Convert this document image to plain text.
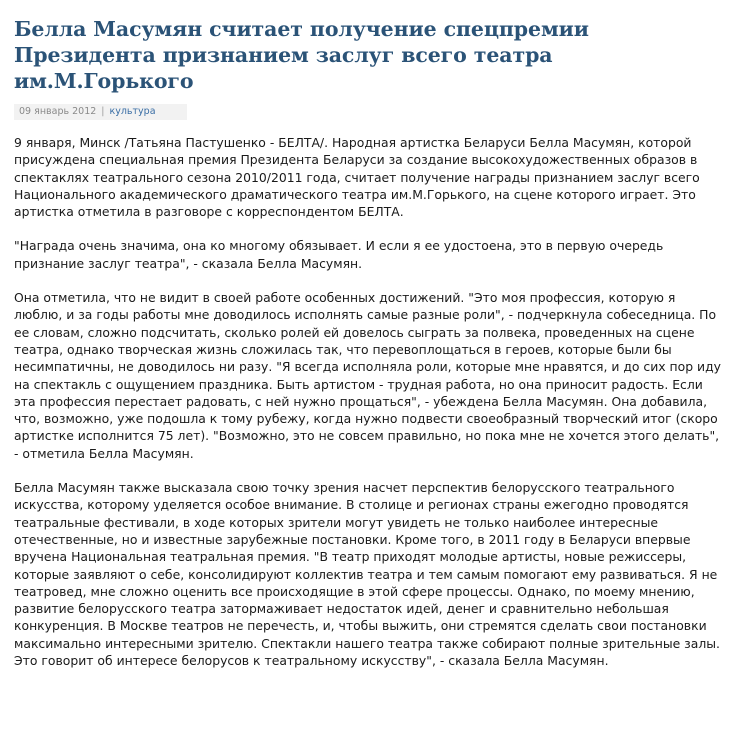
Белла Масумян считает получение спецпремии Президента признанием заслуг всего театра им.М.Горького
09 январь 2012 | культура

9 января, Минск /Татьяна Пастушенко - БЕЛТА/. Народная артистка Беларуси Белла Масумян, которой присуждена специальная премия Президента Беларуси за создание высокохудожественных образов в спектаклях театрального сезона 2010/2011 года, считает получение награды признанием заслуг всего Национального академического драматического театра им.М.Горького, на сцене которого играет. Это артистка отметила в разговоре с корреспондентом БЕЛТА.

"Награда очень значима, она ко многому обязывает. И если я ее удостоена, это в первую очередь признание заслуг театра", - сказала Белла Масумян.

Она отметила, что не видит в своей работе особенных достижений. "Это моя профессия, которую я люблю, и за годы работы мне доводилось исполнять самые разные роли", - подчеркнула собеседница. По ее словам, сложно подсчитать, сколько ролей ей довелось сыграть за полвека, проведенных на сцене театра, однако творческая жизнь сложилась так, что перевоплощаться в героев, которые были бы несимпатичны, не доводилось ни разу. "Я всегда исполняла роли, которые мне нравятся, и до сих пор иду на спектакль с ощущением праздника. Быть артистом - трудная работа, но она приносит радость. Если эта профессия перестает радовать, с ней нужно прощаться", - убеждена Белла Масумян. Она добавила, что, возможно, уже подошла к тому рубежу, когда нужно подвести своеобразный творческий итог (скоро артистке исполнится 75 лет). "Возможно, это не совсем правильно, но пока мне не хочется этого делать", - отметила Белла Масумян.

Белла Масумян также высказала свою точку зрения насчет перспектив белорусского театрального искусства, которому уделяется особое внимание. В столице и регионах страны ежегодно проводятся театральные фестивали, в ходе которых зрители могут увидеть не только наиболее интересные отечественные, но и известные зарубежные постановки. Кроме того, в 2011 году в Беларуси впервые вручена Национальная театральная премия. "В театр приходят молодые артисты, новые режиссеры, которые заявляют о себе, консолидируют коллектив театра и тем самым помогают ему развиваться. Я не театровед, мне сложно оценить все происходящие в этой сфере процессы. Однако, по моему мнению, развитие белорусского театра затормаживает недостаток идей, денег и сравнительно небольшая конкуренция. В Москве театров не перечесть, и, чтобы выжить, они стремятся сделать свои постановки максимально интересными зрителю. Спектакли нашего театра также собирают полные зрительные залы. Это говорит об интересе белорусов к театральному искусству", - сказала Белла Масумян.
